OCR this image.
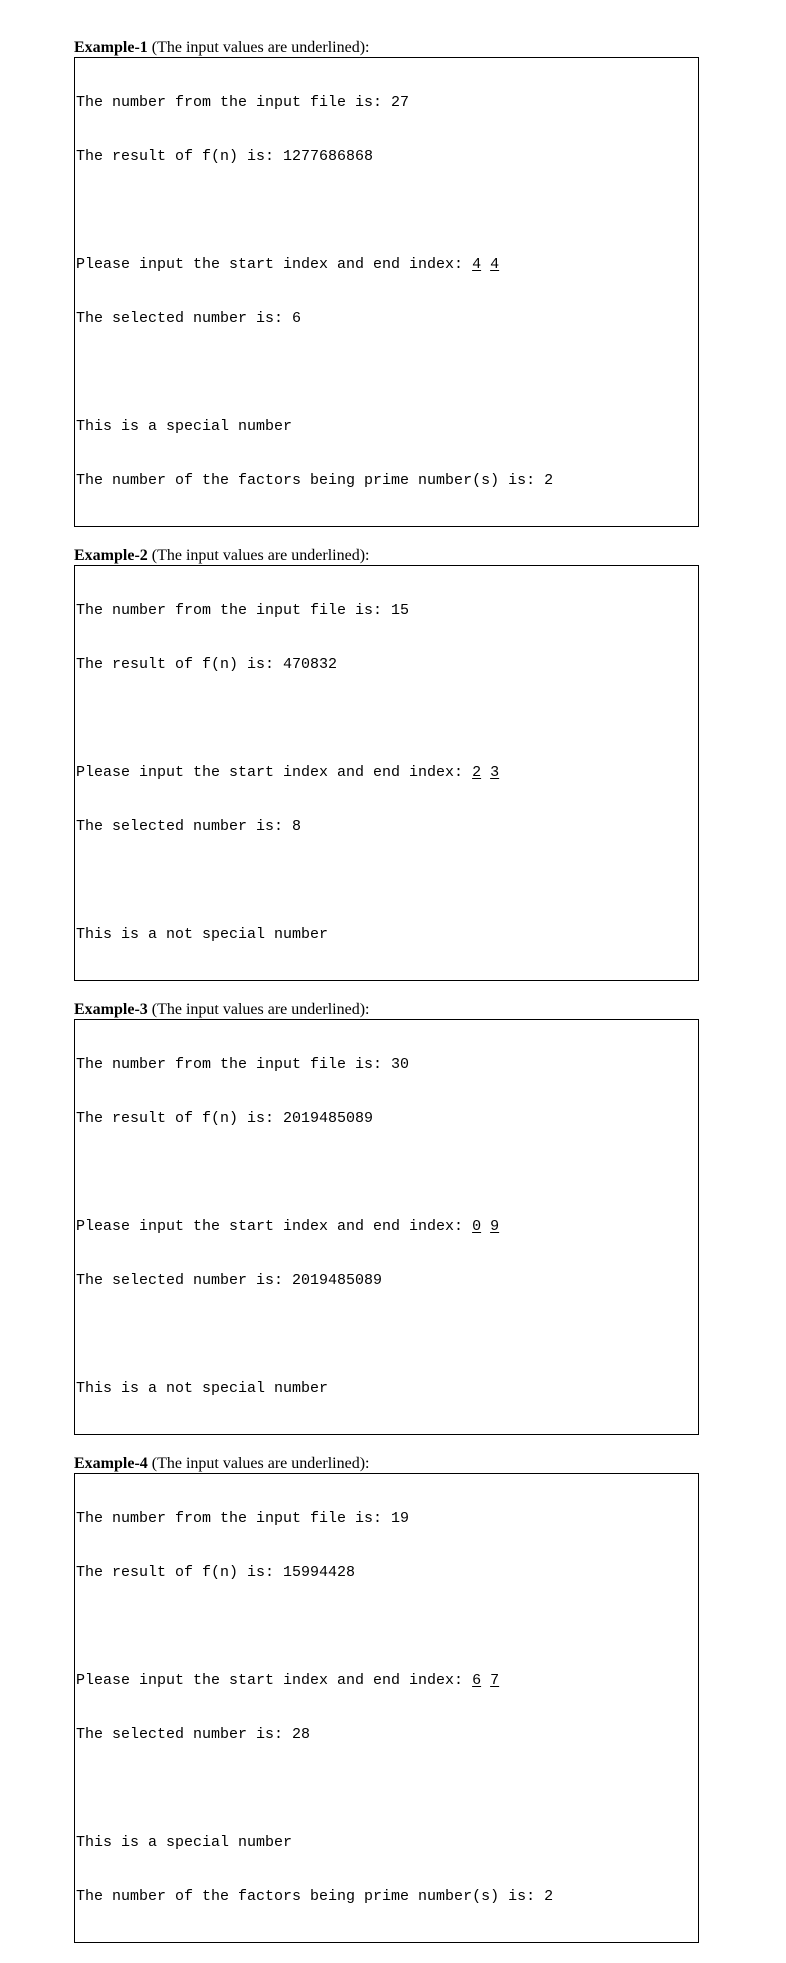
Example-1 (The input values are underlined):

The number from the input file is: 27

The result of f(n) is: 1277686868

Please input the start index and end index: 4 4

The selected number is: 6

This is a special number

The number of the factors being prime number(s) is: 2

Example-2 (The input values are underlined):

The number from the input file is: 15

The result of f(n) is: 470832

Please input the start index and end index: 2 3

The selected number is: 8

This is a not special number

Example-3 (The input values are underlined):

The number from the input file is: 30

The result of f(n) is: 2019485089

Please input the start index and end index: 0 9

The selected number is: 2019485089

This is a not special number

Example-4 (The input values are underlined):

The number from the input file is: 19

The result of f(n) is: 15994428

Please input the start index and end index: 6 7

The selected number is: 28

This is a special number

The number of the factors being prime number(s) is: 2
